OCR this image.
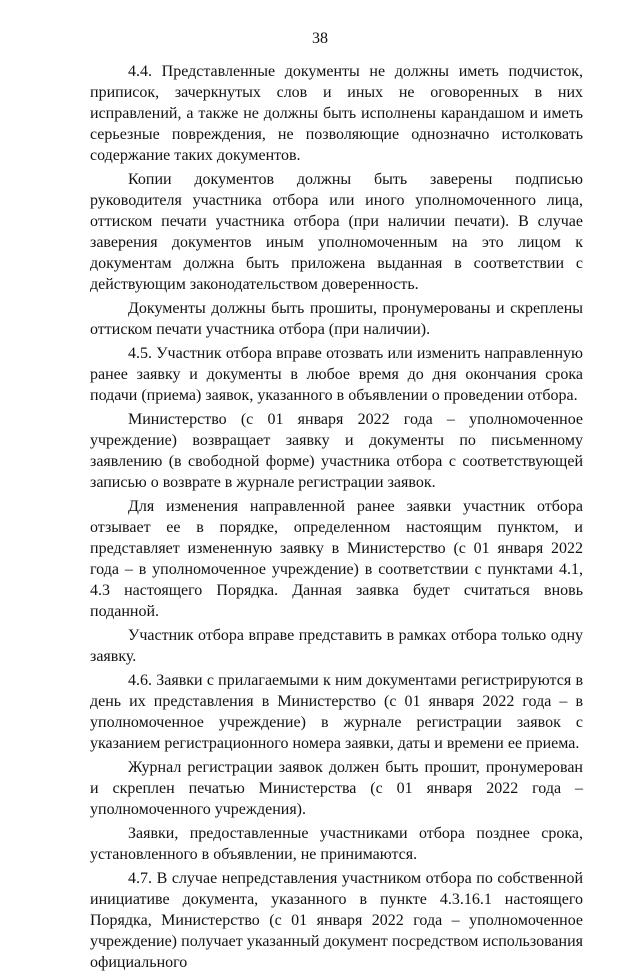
38

4.4. Представленные документы не должны иметь подчисток, приписок, зачеркнутых слов и иных не оговоренных в них исправлений, а также не должны быть исполнены карандашом и иметь серьезные повреждения, не позволяющие однозначно истолковать содержание таких документов.

Копии документов должны быть заверены подписью руководителя участника отбора или иного уполномоченного лица, оттиском печати участника отбора (при наличии печати). В случае заверения документов иным уполномоченным на это лицом к документам должна быть приложена выданная в соответствии с действующим законодательством доверенность.

Документы должны быть прошиты, пронумерованы и скреплены оттиском печати участника отбора (при наличии).

4.5. Участник отбора вправе отозвать или изменить направленную ранее заявку и документы в любое время до дня окончания срока подачи (приема) заявок, указанного в объявлении о проведении отбора.

Министерство (с 01 января 2022 года – уполномоченное учреждение) возвращает заявку и документы по письменному заявлению (в свободной форме) участника отбора с соответствующей записью о возврате в журнале регистрации заявок.

Для изменения направленной ранее заявки участник отбора отзывает ее в порядке, определенном настоящим пунктом, и представляет измененную заявку в Министерство (с 01 января 2022 года – в уполномоченное учреждение) в соответствии с пунктами 4.1, 4.3 настоящего Порядка. Данная заявка будет считаться вновь поданной.

Участник отбора вправе представить в рамках отбора только одну заявку.

4.6. Заявки с прилагаемыми к ним документами регистрируются в день их представления в Министерство (с 01 января 2022 года – в уполномоченное учреждение) в журнале регистрации заявок с указанием регистрационного номера заявки, даты и времени ее приема.

Журнал регистрации заявок должен быть прошит, пронумерован и скреплен печатью Министерства (с 01 января 2022 года – уполномоченного учреждения).

Заявки, предоставленные участниками отбора позднее срока, установленного в объявлении, не принимаются.

4.7. В случае непредставления участником отбора по собственной инициативе документа, указанного в пункте 4.3.16.1 настоящего Порядка, Министерство (с 01 января 2022 года – уполномоченное учреждение) получает указанный документ посредством использования официального
